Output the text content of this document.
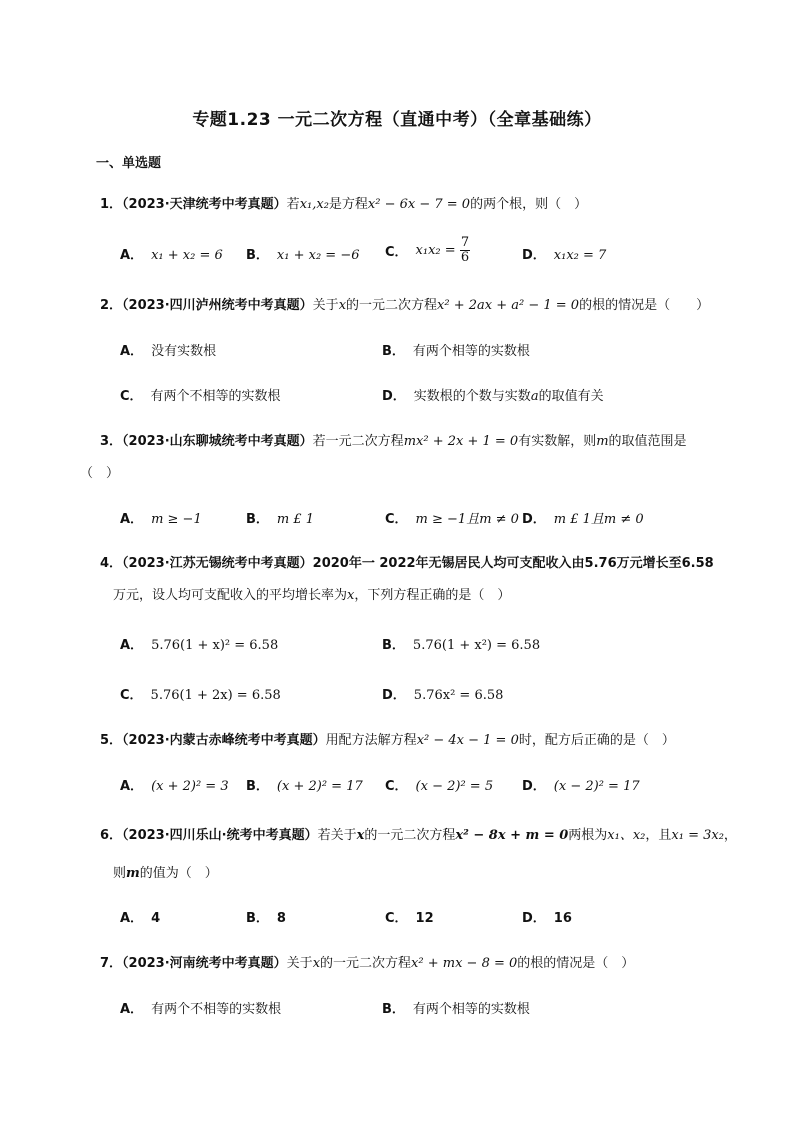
专题1.23 一元二次方程（直通中考）（全章基础练）
一、单选题
1．（2023·天津统考中考真题）若x₁,x₂是方程x² − 6x − 7 = 0的两个根，则（　）
A． x₁ + x₂ = 6 B． x₁ + x₂ = −6 C． $x_1x_2 = \frac{7}{6}$	D． x₁x₂ = 7
2．（2023·四川泸州统考中考真题）关于x的一元二次方程x² + 2ax + a² − 1 = 0的根的情况是（　　）
A． 没有实数根	B． 有两个相等的实数根
C． 有两个不相等的实数根	D． 实数根的个数与实数a的取值有关
3．（2023·山东聊城统考中考真题）若一元二次方程mx² + 2x + 1 = 0有实数解，则m的取值范围是
（　）
A． m ≥ −1	B． m £ 1	C． m ≥ −1且m ≠ 0 D． m £ 1且m ≠ 0
4．（2023·江苏无锡统考中考真题）2020年一 2022年无锡居民人均可支配收入由5.76万元增长至6.58
万元，设人均可支配收入的平均增长率为x，下列方程正确的是（　）
A． 5.76(1 + x)² = 6.58	B． 5.76(1 + x²) = 6.58
C． 5.76(1 + 2x) = 6.58	D． 5.76x² = 6.58
5．（2023·内蒙古赤峰统考中考真题）用配方法解方程x² − 4x − 1 = 0时，配方后正确的是（　）
A． (x + 2)² = 3 B． (x + 2)² = 17 C． (x − 2)² = 5 D． (x − 2)² = 17
6．（2023·四川乐山·统考中考真题）若关于x的一元二次方程x² − 8x + m = 0两根为x₁、x₂，且x₁ = 3x₂，
则m的值为（　）
A． 4	B． 8	C． 12	D． 16
7．（2023·河南统考中考真题）关于x的一元二次方程x² + mx − 8 = 0的根的情况是（　）
A． 有两个不相等的实数根	B． 有两个相等的实数根
